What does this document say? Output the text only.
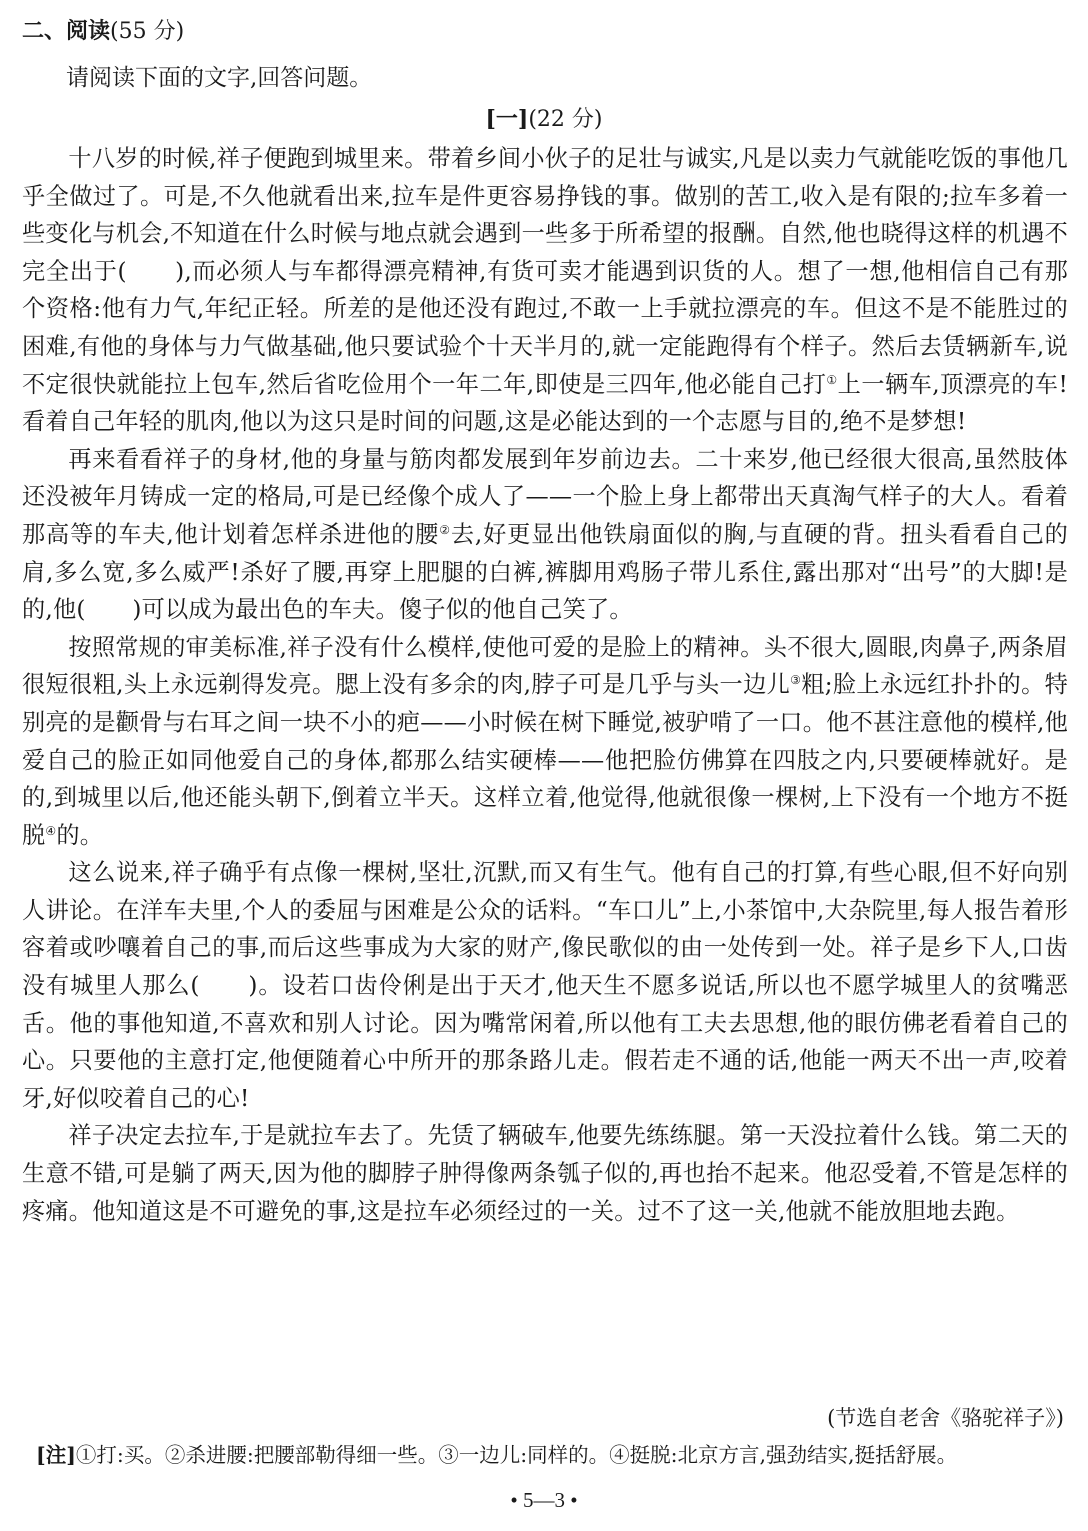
二、阅读(55 分)

请阅读下面的文字,回答问题。

[一](22 分)

十八岁的时候,祥子便跑到城里来。带着乡间小伙子的足壮与诚实,凡是以卖力气就能吃饭的事他几乎全做过了。可是,不久他就看出来,拉车是件更容易挣钱的事。做别的苦工,收入是有限的;拉车多着一些变化与机会,不知道在什么时候与地点就会遇到一些多于所希望的报酬。自然,他也晓得这样的机遇不完全出于(　　),而必须人与车都得漂亮精神,有货可卖才能遇到识货的人。想了一想,他相信自己有那个资格:他有力气,年纪正轻。所差的是他还没有跑过,不敢一上手就拉漂亮的车。但这不是不能胜过的困难,有他的身体与力气做基础,他只要试验个十天半月的,就一定能跑得有个样子。然后去赁辆新车,说不定很快就能拉上包车,然后省吃俭用个一年二年,即使是三四年,他必能自己打①上一辆车,顶漂亮的车!看着自己年轻的肌肉,他以为这只是时间的问题,这是必能达到的一个志愿与目的,绝不是梦想!

再来看看祥子的身材,他的身量与筋肉都发展到年岁前边去。二十来岁,他已经很大很高,虽然肢体还没被年月铸成一定的格局,可是已经像个成人了——一个脸上身上都带出天真淘气样子的大人。看着那高等的车夫,他计划着怎样杀进他的腰②去,好更显出他铁扇面似的胸,与直硬的背。扭头看看自己的肩,多么宽,多么威严!杀好了腰,再穿上肥腿的白裤,裤脚用鸡肠子带儿系住,露出那对“出号”的大脚!是的,他(　　)可以成为最出色的车夫。傻子似的他自己笑了。

按照常规的审美标准,祥子没有什么模样,使他可爱的是脸上的精神。头不很大,圆眼,肉鼻子,两条眉很短很粗,头上永远剃得发亮。腮上没有多余的肉,脖子可是几乎与头一边儿③粗;脸上永远红扑扑的。特别亮的是颧骨与右耳之间一块不小的疤——小时候在树下睡觉,被驴啃了一口。他不甚注意他的模样,他爱自己的脸正如同他爱自己的身体,都那么结实硬棒——他把脸仿佛算在四肢之内,只要硬棒就好。是的,到城里以后,他还能头朝下,倒着立半天。这样立着,他觉得,他就很像一棵树,上下没有一个地方不挺脱④的。

这么说来,祥子确乎有点像一棵树,坚壮,沉默,而又有生气。他有自己的打算,有些心眼,但不好向别人讲论。在洋车夫里,个人的委屈与困难是公众的话料。“车口儿”上,小茶馆中,大杂院里,每人报告着形容着或吵嚷着自己的事,而后这些事成为大家的财产,像民歌似的由一处传到一处。祥子是乡下人,口齿没有城里人那么(　　)。设若口齿伶俐是出于天才,他天生不愿多说话,所以也不愿学城里人的贫嘴恶舌。他的事他知道,不喜欢和别人讨论。因为嘴常闲着,所以他有工夫去思想,他的眼仿佛老看着自己的心。只要他的主意打定,他便随着心中所开的那条路儿走。假若走不通的话,他能一两天不出一声,咬着牙,好似咬着自己的心!

祥子决定去拉车,于是就拉车去了。先赁了辆破车,他要先练练腿。第一天没拉着什么钱。第二天的生意不错,可是躺了两天,因为他的脚脖子肿得像两条瓠子似的,再也抬不起来。他忍受着,不管是怎样的疼痛。他知道这是不可避免的事,这是拉车必须经过的一关。过不了这一关,他就不能放胆地去跑。

(节选自老舍《骆驼祥子》)

[注]①打:买。②杀进腰:把腰部勒得细一些。③一边儿:同样的。④挺脱:北京方言,强劲结实,挺括舒展。

• 5—3 •
